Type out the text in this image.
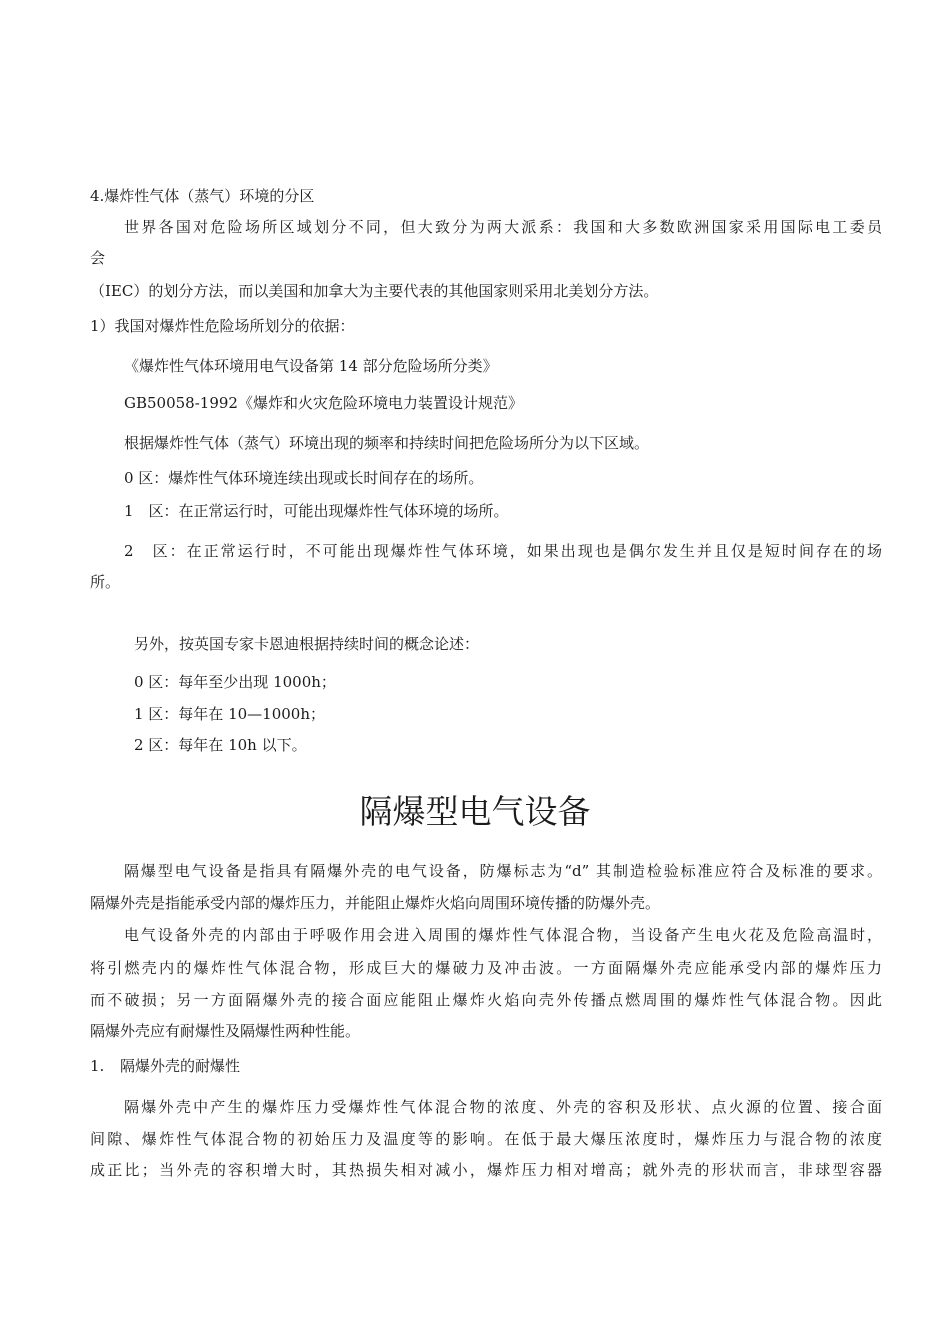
4.爆炸性气体（蒸气）环境的分区
世界各国对危险场所区域划分不同，但大致分为两大派系：我国和大多数欧洲国家采用国际电工委员
会
（IEC）的划分方法，而以美国和加拿大为主要代表的其他国家则采用北美划分方法。
1）我国对爆炸性危险场所划分的依据：
《爆炸性气体环境用电气设备第 14 部分危险场所分类》
GB50058-1992《爆炸和火灾危险环境电力装置设计规范》
根据爆炸性气体（蒸气）环境出现的频率和持续时间把危险场所分为以下区域。
0 区：爆炸性气体环境连续出现或长时间存在的场所。
1　区：在正常运行时，可能出现爆炸性气体环境的场所。
2　区：在正常运行时，不可能出现爆炸性气体环境，如果出现也是偶尔发生并且仅是短时间存在的场
所。
另外，按英国专家卡恩迪根据持续时间的概念论述：
0 区：每年至少出现 1000h；
1 区：每年在 10—1000h；
2 区：每年在 10h 以下。
隔爆型电气设备
隔爆型电气设备是指具有隔爆外壳的电气设备，防爆标志为“d” 其制造检验标准应符合及标准的要求。
隔爆外壳是指能承受内部的爆炸压力，并能阻止爆炸火焰向周围环境传播的防爆外壳。
电气设备外壳的内部由于呼吸作用会进入周围的爆炸性气体混合物，当设备产生电火花及危险高温时，
将引燃壳内的爆炸性气体混合物，形成巨大的爆破力及冲击波。一方面隔爆外壳应能承受内部的爆炸压力
而不破损；另一方面隔爆外壳的接合面应能阻止爆炸火焰向壳外传播点燃周围的爆炸性气体混合物。因此
隔爆外壳应有耐爆性及隔爆性两种性能。
1. 隔爆外壳的耐爆性
隔爆外壳中产生的爆炸压力受爆炸性气体混合物的浓度、外壳的容积及形状、点火源的位置、接合面
间隙、爆炸性气体混合物的初始压力及温度等的影响。在低于最大爆压浓度时，爆炸压力与混合物的浓度
成正比；当外壳的容积增大时，其热损失相对减小，爆炸压力相对增高；就外壳的形状而言，非球型容器
